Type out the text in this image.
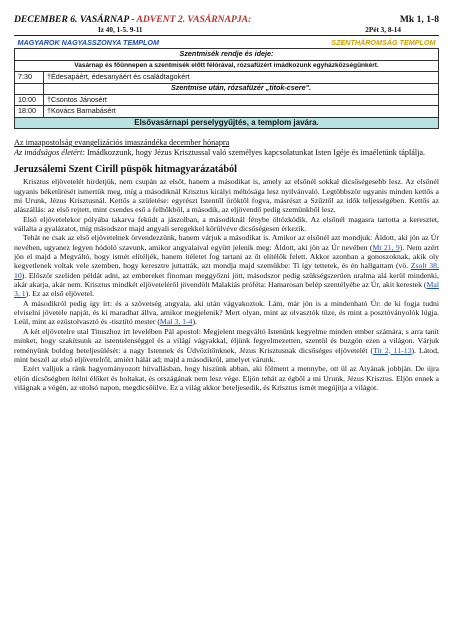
DECEMBER 6. VASÁRNAP - ADVENT 2. VASÁRNAPJA:	Mk 1, 1-8
Iz 40, 1-5. 9-11	2Pét 3, 8-14
MAGYAROK NAGYASSZONYA TEMPLOM	SZENTHÁROMSÁG TEMPLOM

Szentmisék rendje és ideje:
Vasárnap és főünnepen a szentmisék előtt félórával, rózsafüzért imádkozunk egyházközségünkért.
7:30	†Édesapáért, édesanyáért és családtagokért
	Szentmise után, rózsafüzér „titok-csere".
10:00	†Csontos Jánosért
18:00	†Kovács Barnabásért
Elsővasárnapi perselygyűjtés, a templom javára.
Az imaapostolság evangelizációs imaszándéka december hónapra
Az imádságos életért: Imádkozzunk, hogy Jézus Krisztussal való személyes kapcsolatunkat Isten Igéje és imaéletünk táplálja.
Jeruzsálemi Szent Cirill püspök hitmagyarázatából

Krisztus eljövetelét hirdetjük, nem csupán az elsőt, hanem a másodikat is, amely az elsőnél sokkal dicsőségesebb lesz. Az elsőnél ugyanis béketűrését ismertük meg, míg a másodiknál Krisztus királyi méltósága lesz nyilvánvaló. Legtöbbször ugyanis minden kettős a mi Urunk, Jézus Krisztusnál. Kettős a születése: egyrészt Istentől öröktől fogva, másrészt a Szűztől az idők teljességében. Kettős az alászállás: az első rejtett, mint csendes eső a felhőkből, a második, az eljövendő pedig szemünkből lesz.

Első eljövetelekor pólyába takarva feküdt a jászolban, a másodiknál fénybe öltözködik. Az elsőnél magasra tartotta a keresztet, vállalta a gyalázatot, míg másodszor majd angyali seregekkel körülvéve dicsőségesen érkezik.

Tehát ne csak az első eljövetelnek örvendezzünk, hanem várjuk a másodikat is. Amikor az elsőnél azt mondjuk: Áldott, aki jön az Úr nevében, ugyanez legyen hódoló szavunk, amikor angyalaival együtt jelenik meg: Áldott, aki jön az Úr nevében (Mt 21, 9). Nem azért jön el majd a Megváltó, hogy ismét elítéljék, hanem ítéletet fog tartani az őt elítélők felett. Akkor azonban a gonoszoknak, akik oly kegyetlenek voltak vele szemben, hogy keresztre juttatták, azt mondja majd szemükbe: Ti így tettetek, és én hallgattam (vö. Zsolt 38, 10). Először szelíden példát adni, az embereket finoman meggyőzni jött, másodszor pedig szükségszerűen uralma alá kerül mindenki, akár akarja, akár nem. Krisztus mindkét eljöveteléről jövendölt Malakiás próféta: Hamarosan belép szentélyébe az Úr, akit kerestek (Mal 3, 1). Ez az első eljövetel.

A másodikról pedig így írt: és a szövetség angyala, aki után vágyakoztok. Lám, már jön is a mindenható Úr: de ki fogja tudni elviselni jövetele napját, és ki maradhat állva, amikor megjelenik? Mert olyan, mint az olvasztók tüze, és mint a posztóványolók lúgja. Leül, mint az ezüstolvasztó és -tisztító mester (Mal 3, 1-4).

A két eljövetelre utal Tituszhoz írt levelében Pál apostol: Megjelent megváltó Istenünk kegyelme minden ember számára, s arra tanít minket, hogy szakítsunk az istentelenséggel és a világi vágyakkal, éljünk fegyelmezetten, szentül és buzgón ezen a világon. Várjuk reményünk boldog beteljesülését: a nagy Istennek és Üdvözítőnknek, Jézus Krisztusnak dicsőséges eljövetelét (Tit 2, 11-13). Látod, mint beszél az első eljövetelről, amiért hálát ad; majd a másodikról, amelyet várunk.

Ezért valljuk a ránk hagyományozott hitvallásban, hogy hiszünk abban, aki fölment a mennybe, ott ül az Atyának jobbján. De újra eljön dicsőségben ítélni élőket és holtakat, és országának nem lesz vége. Eljön tehát az égből a mi Urunk, Jézus Krisztus. Eljön ennek a világnak a végén, az utolsó napon, megdicsőülve. Ez a világ akkor beteljesedik, és Krisztus ismét megújítja a világot.
